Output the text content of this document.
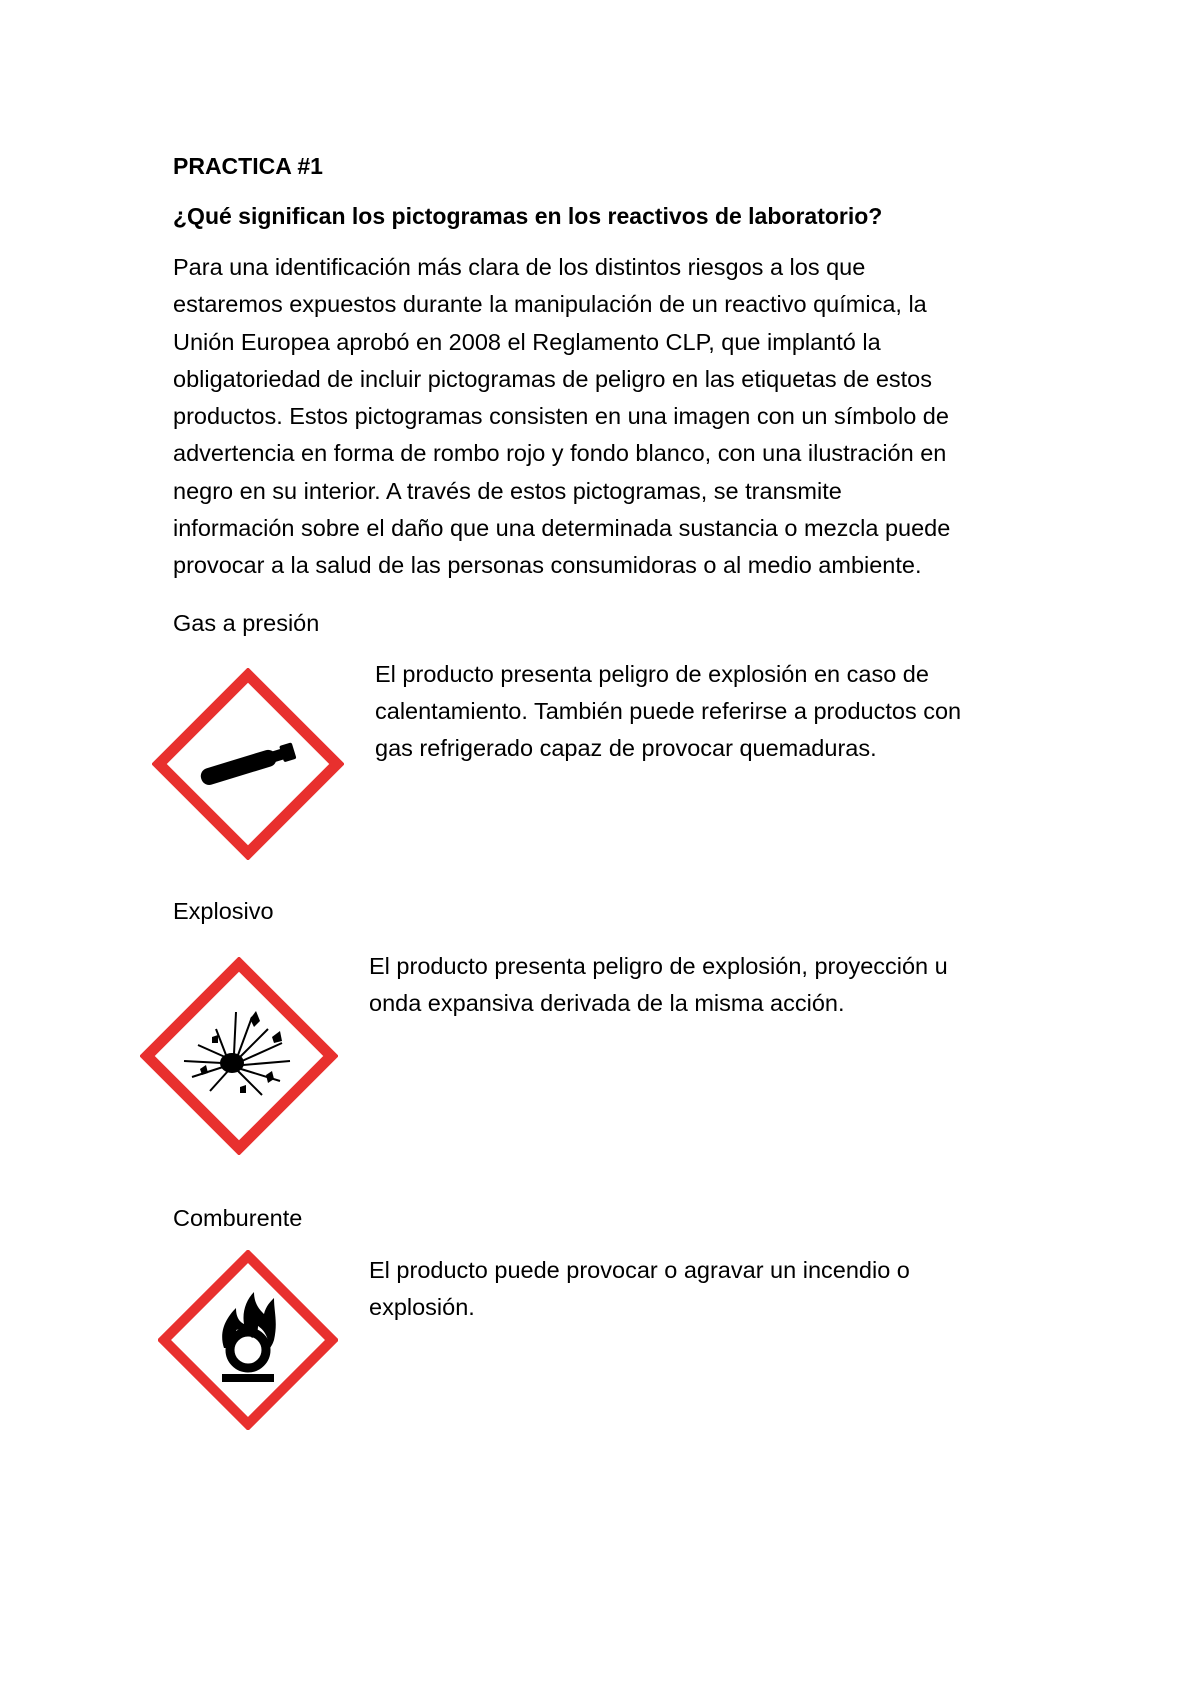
PRACTICA #1

¿Qué significan los pictogramas en los reactivos de laboratorio?

Para una identificación más clara de los distintos riesgos a los que
estaremos expuestos durante la manipulación de un reactivo química, la
Unión Europea aprobó en 2008 el Reglamento CLP, que implantó la
obligatoriedad de incluir pictogramas de peligro en las etiquetas de estos
productos. Estos pictogramas consisten en una imagen con un símbolo de
advertencia en forma de rombo rojo y fondo blanco, con una ilustración en
negro en su interior. A través de estos pictogramas, se transmite
información sobre el daño que una determinada sustancia o mezcla puede
provocar a la salud de las personas consumidoras o al medio ambiente.

Gas a presión

El producto presenta peligro de explosión en caso de
calentamiento. También puede referirse a productos con
gas refrigerado capaz de provocar quemaduras.

Explosivo

El producto presenta peligro de explosión, proyección u
onda expansiva derivada de la misma acción.

Comburente

El producto puede provocar o agravar un incendio o
explosión.
